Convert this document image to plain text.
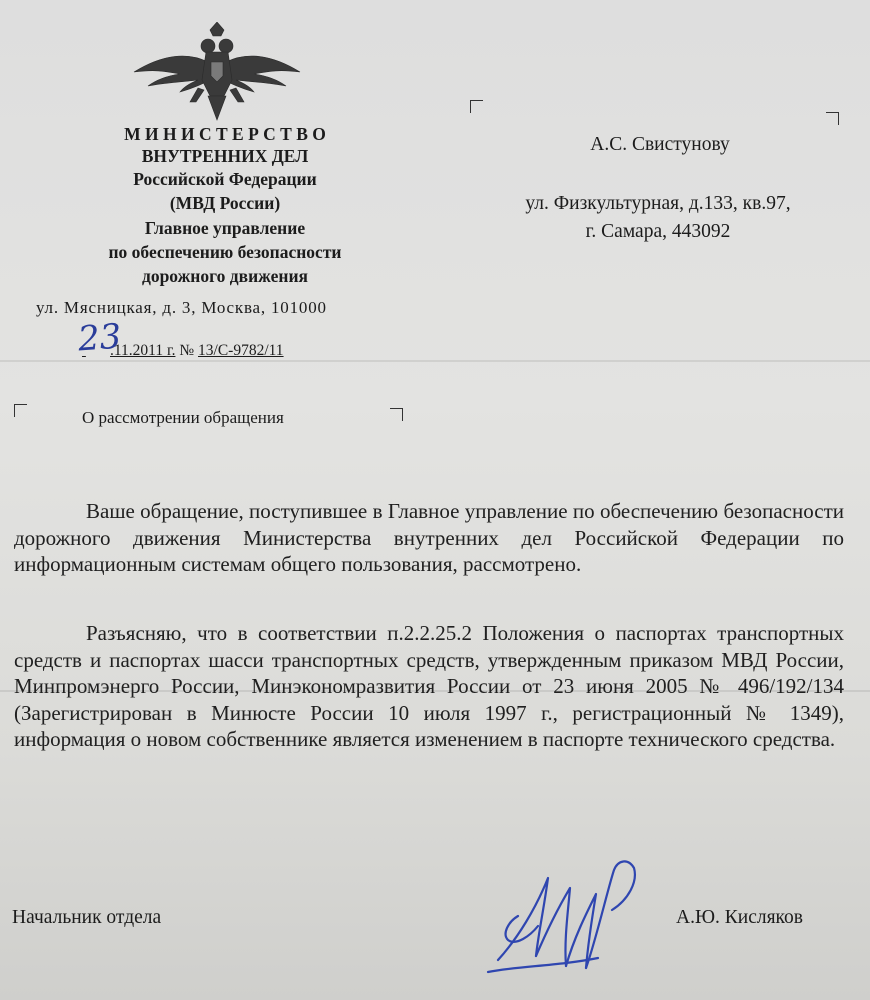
М И Н И С Т Е Р С Т В О
ВНУТРЕННИХ ДЕЛ
Российской Федерации
(МВД России)
Главное управление
по обеспечению безопасности
дорожного движения
ул. Мясницкая, д. 3, Москва, 101000
23
.11.2011 г. № 13/С-9782/11
А.С. Свистунову
ул. Физкультурная, д.133, кв.97,
г. Самара, 443092
О рассмотрении обращения
Ваше обращение, поступившее в Главное управление по обеспечению безопасности дорожного движения Министерства внутренних дел Российской Федерации по информационным системам общего пользования, рассмотрено.
Разъясняю, что в соответствии п.2.2.25.2 Положения о паспортах транспортных средств и паспортах шасси транспортных средств, утвержденным приказом МВД России, Минпромэнерго России, Минэкономразвития России от 23 июня 2005 № 496/192/134 (Зарегистрирован в Минюсте России 10 июля 1997 г., регистрационный № 1349), информация о новом собственнике является изменением в паспорте технического средства.
Начальник отдела	А.Ю. Кисляков
